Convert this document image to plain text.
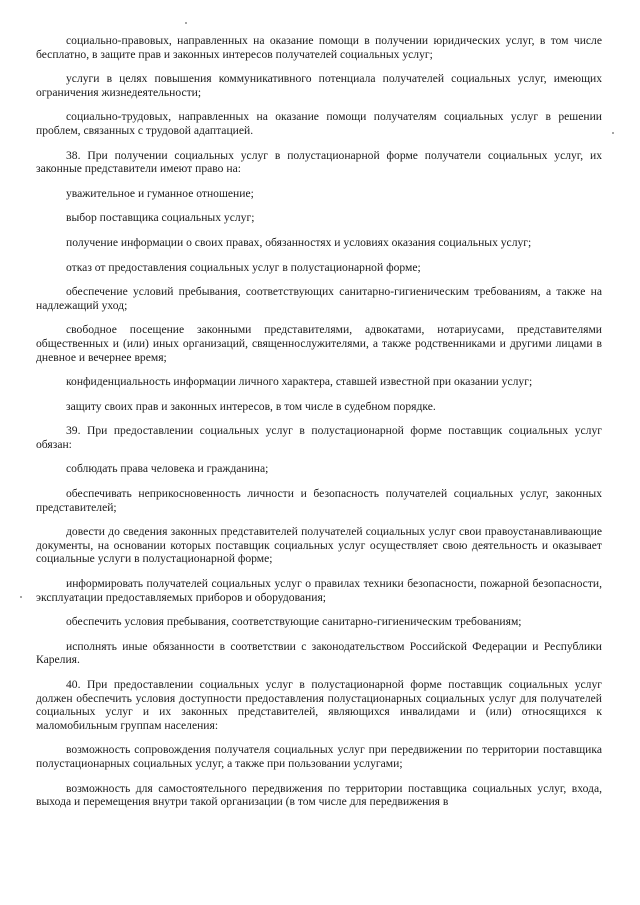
социально-правовых, направленных на оказание помощи в получении юридических услуг, в том числе бесплатно, в защите прав и законных интересов получателей социальных услуг;

услуги в целях повышения коммуникативного потенциала получателей социальных услуг, имеющих ограничения жизнедеятельности;

социально-трудовых, направленных на оказание помощи получателям социальных услуг в решении проблем, связанных с трудовой адаптацией.

38. При получении социальных услуг в полустационарной форме получатели социальных услуг, их законные представители имеют право на:

уважительное и гуманное отношение;

выбор поставщика социальных услуг;

получение информации о своих правах, обязанностях и условиях оказания социальных услуг;

отказ от предоставления социальных услуг в полустационарной форме;

обеспечение условий пребывания, соответствующих санитарно-гигиеническим требованиям, а также на надлежащий уход;

свободное посещение законными представителями, адвокатами, нотариусами, представителями общественных и (или) иных организаций, священнослужителями, а также родственниками и другими лицами в дневное и вечернее время;

конфиденциальность информации личного характера, ставшей известной при оказании услуг;

защиту своих прав и законных интересов, в том числе в судебном порядке.

39. При предоставлении социальных услуг в полустационарной форме поставщик социальных услуг обязан:

соблюдать права человека и гражданина;

обеспечивать неприкосновенность личности и безопасность получателей социальных услуг, законных представителей;

довести до сведения законных представителей получателей социальных услуг свои правоустанавливающие документы, на основании которых поставщик социальных услуг осуществляет свою деятельность и оказывает социальные услуги в полустационарной форме;

информировать получателей социальных услуг о правилах техники безопасности, пожарной безопасности, эксплуатации предоставляемых приборов и оборудования;

обеспечить условия пребывания, соответствующие санитарно-гигиеническим требованиям;

исполнять иные обязанности в соответствии с законодательством Российской Федерации и Республики Карелия.

40. При предоставлении социальных услуг в полустационарной форме поставщик социальных услуг должен обеспечить условия доступности предоставления полустационарных социальных услуг для получателей социальных услуг и их законных представителей, являющихся инвалидами и (или) относящихся к маломобильным группам населения:

возможность сопровождения получателя социальных услуг при передвижении по территории поставщика полустационарных социальных услуг, а также при пользовании услугами;

возможность для самостоятельного передвижения по территории поставщика социальных услуг, входа, выхода и перемещения внутри такой организации (в том числе для передвижения в
